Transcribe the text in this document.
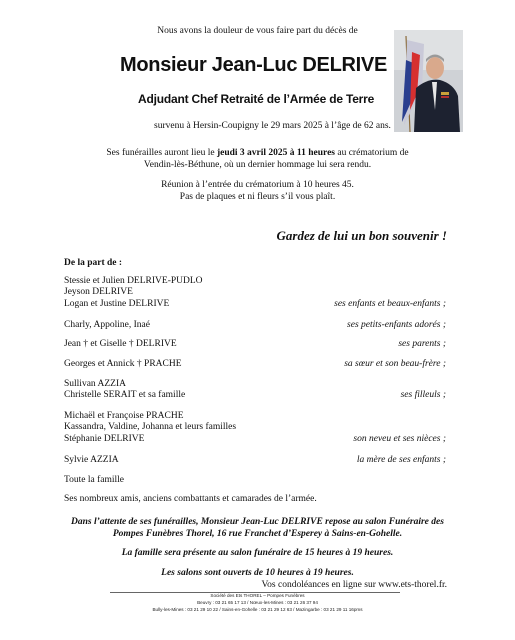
Nous avons la douleur de vous faire part du décès de
Monsieur Jean-Luc DELRIVE
Adjudant Chef Retraité de l’Armée de Terre
survenu à Hersin-Coupigny le 29 mars 2025 à l’âge de 62 ans.
Ses funérailles auront lieu le jeudi 3 avril 2025 à 11 heures au crématorium de
Vendin-lès-Béthune, où un dernier hommage lui sera rendu.
Réunion à l’entrée du crématorium à 10 heures 45.
Pas de plaques et ni fleurs s’il vous plaît.
Gardez de lui un bon souvenir !
De la part de :
Stessie et Julien DELRIVE-PUDLO
Jeyson DELRIVE
Logan et Justine DELRIVE	ses enfants et beaux-enfants ;
Charly, Appoline, Inaé	ses petits-enfants adorés ;
Jean † et Giselle † DELRIVE	ses parents ;
Georges et Annick † PRACHE	sa sœur et son beau-frère ;
Sullivan AZZIA
Christelle SERAIT et sa famille	ses filleuls ;
Michaël et Françoise PRACHE
Kassandra, Valdine, Johanna et leurs familles
Stéphanie DELRIVE	son neveu et ses nièces ;
Sylvie AZZIA	la mère de ses enfants ;
Toute la famille
Ses nombreux amis, anciens combattants et camarades de l’armée.
Dans l’attente de ses funérailles, Monsieur Jean-Luc DELRIVE repose au salon Funéraire des
Pompes Funèbres Thorel, 16 rue Franchet d’Esperey à Sains-en-Gohelle.
La famille sera présente au salon funéraire de 15 heures à 19 heures.
Les salons sont ouverts de 10 heures à 19 heures.
Vos condoléances en ligne sur www.ets-thorel.fr.
Société des Ets THOREL – Pompes Funèbres
Beuvry : 03 21 65 17 13 / Nœux-les-Mines : 03 21 26 37 94
Bully-les-Mines : 03 21 29 10 22 / Sains-en-Gohelle : 03 21 29 12 63 / Mazingarbe : 03 21 29 11 16pms
